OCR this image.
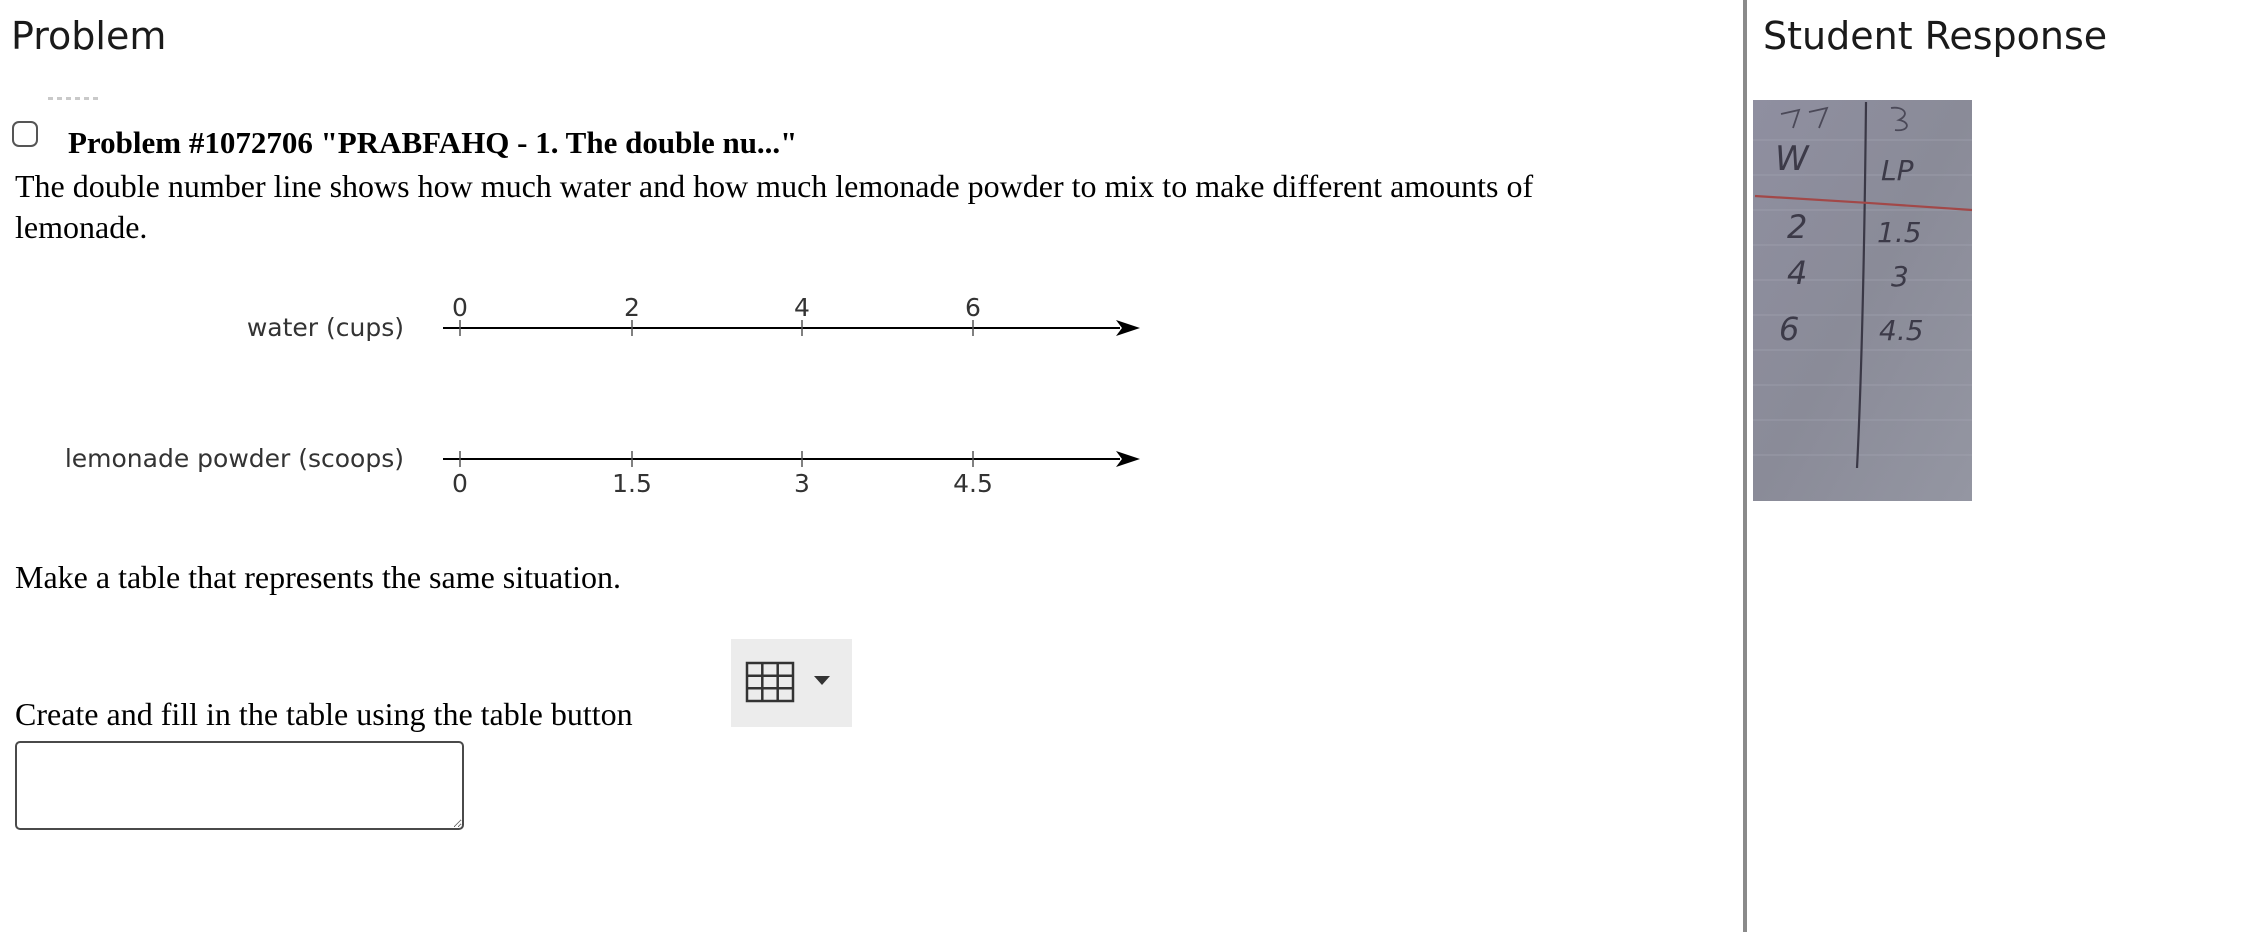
Problem
Problem #1072706 "PRABFAHQ - 1. The double nu..."
The double number line shows how much water and how much lemonade powder to mix to make different amounts of lemonade.
water (cups)
0	2	4	6
lemonade powder (scoops)
0	1.5	3	4.5
Make a table that represents the same situation.
Create and fill in the table using the table button
Student Response
W	LP
2 1.5
4	3
6	4.5
